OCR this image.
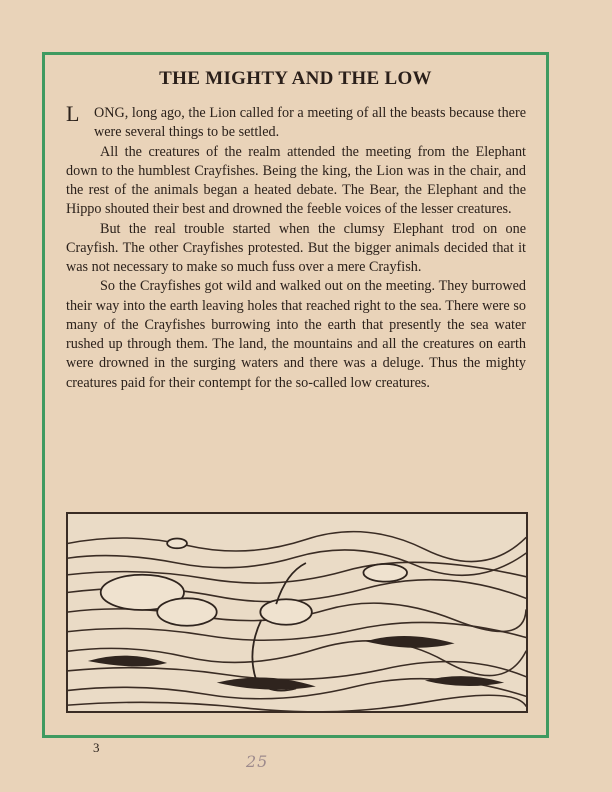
THE MIGHTY AND THE LOW

L ONG, long ago, the Lion called for a meeting of all the beasts because there were several things to be settled.

All the creatures of the realm attended the meeting from the Elephant down to the humblest Crayfishes. Being the king, the Lion was in the chair, and the rest of the animals began a heated debate. The Bear, the Elephant and the Hippo shouted their best and drowned the feeble voices of the lesser creatures.

But the real trouble started when the clumsy Elephant trod on one Crayfish. The other Crayfishes protested. But the bigger animals decided that it was not necessary to make so much fuss over a mere Crayfish.

So the Crayfishes got wild and walked out on the meeting. They burrowed their way into the earth leaving holes that reached right to the sea. There were so many of the Crayfishes burrowing into the earth that presently the sea water rushed up through them. The land, the mountains and all the creatures on earth were drowned in the surging waters and there was a deluge. Thus the mighty creatures paid for their contempt for the so-called low creatures.

3
25
